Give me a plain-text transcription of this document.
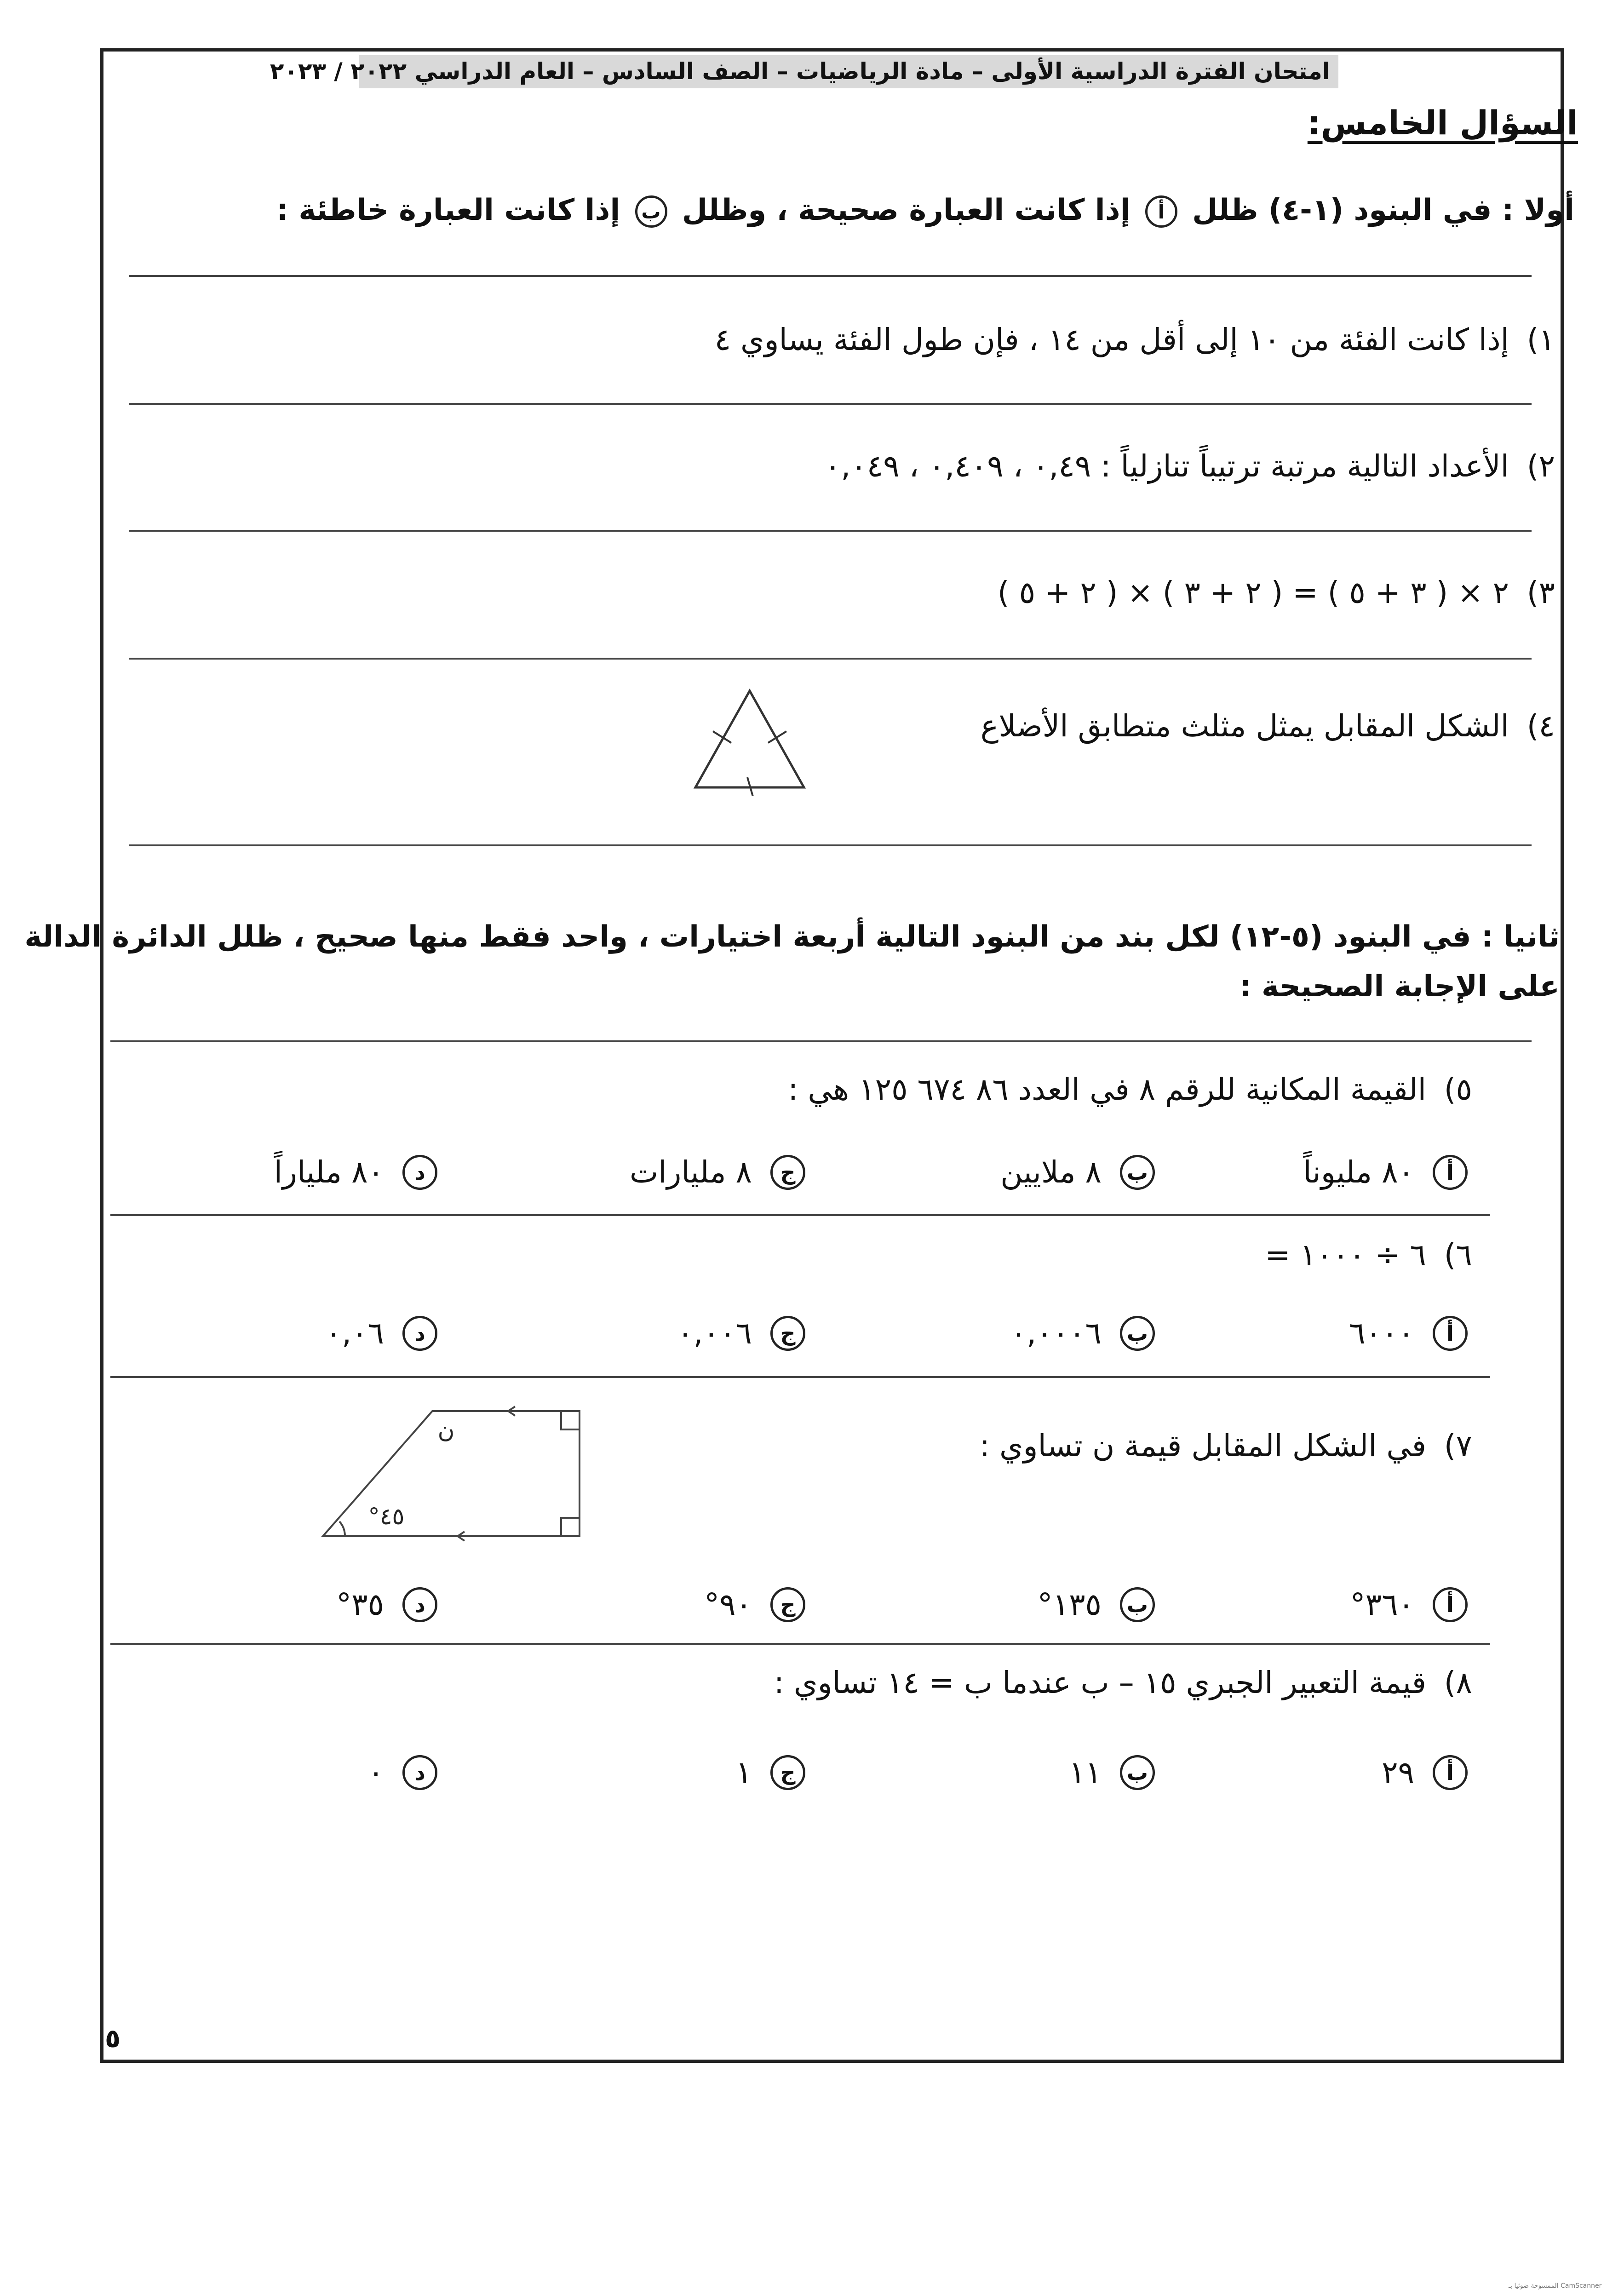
امتحان الفترة الدراسية الأولى – مادة الرياضيات – الصف السادس – العام الدراسي ٢٠٢٢ / ٢٠٢٣
السؤال الخامس:
أولا : في البنود (١-٤) ظلل أ إذا كانت العبارة صحيحة ، وظلل ب إذا كانت العبارة خاطئة :
إذا كانت الفئة من ١٠ إلى أقل من ١٤ ، فإن طول الفئة يساوي ٤ ١)
الأعداد التالية مرتبة ترتيباً تنازلياً : ٠,٤٩ ، ٠,٤٠٩ ، ٠,٠٤٩ ٢)
٢ × ( ٣ + ٥ ) = ( ٢ + ٣ ) × ( ٢ + ٥ ) ٣)
الشكل المقابل يمثل مثلث متطابق الأضلاع ٤)
ثانيا : في البنود (٥-١٢) لكل بند من البنود التالية أربعة اختيارات ، واحد فقط منها صحيح ، ظلل الدائرة الدالة
على الإجابة الصحيحة :
القيمة المكانية للرقم ٨ في العدد ٨٦ ٦٧٤ ١٢٥ هي : ٥)
أ
٨٠ مليوناً
ب
٨ ملايين
ج
٨ مليارات
د
٨٠ ملياراً
٦ ÷ ١٠٠٠ = ٦)
أ
٦٠٠٠
ب
٠,٠٠٠٦
ج
٠,٠٠٦
د
٠,٠٦
في الشكل المقابل قيمة ن تساوي : ٧)
٤٥°
ن
أ
٣٦٠°
ب
١٣٥°
ج
٩٠°
د
٣٥°
قيمة التعبير الجبري ١٥ – ب عندما ب = ١٤ تساوي : ٨)
أ
٢٩
ب
١١
ج
١
د
٠
٥
CamScanner الممسوحة ضوئيا بـ
